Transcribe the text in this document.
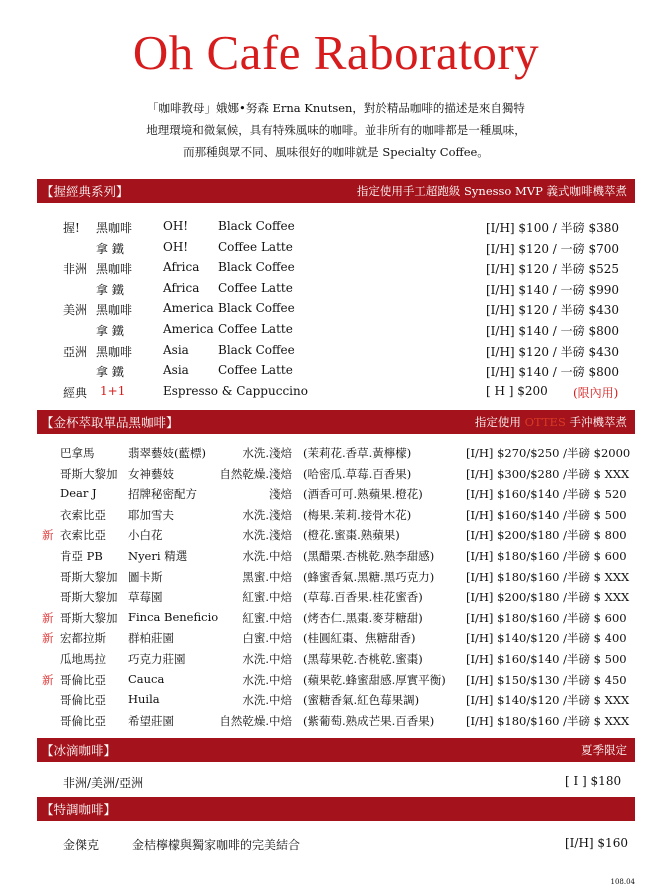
Oh Cafe Raboratory
「咖啡教母」娥娜•努森 Erna Knutsen，對於精品咖啡的描述是來自獨特
地理環境和微氣候，具有特殊風味的咖啡。並非所有的咖啡都是一種風味，
而那種與眾不同、風味很好的咖啡就是 Specialty Coffee。
【握經典系列】	指定使用手工超跑級 Synesso MVP 義式咖啡機萃煮
握! 黑咖啡	OH! Black Coffee	[I/H] $100 / 半磅 $380
拿 鐵	OH! Coffee Latte	[I/H] $120 / 一磅 $700
非洲 黑咖啡	Africa Black Coffee	[I/H] $120 / 半磅 $525
拿 鐵	Africa Coffee Latte	[I/H] $140 / 一磅 $990
美洲 黑咖啡	America Black Coffee	[I/H] $120 / 半磅 $430
拿 鐵	America Coffee Latte	[I/H] $140 / 一磅 $800
亞洲 黑咖啡	Asia Black Coffee	[I/H] $120 / 半磅 $430
拿 鐵	Asia Coffee Latte	[I/H] $140 / 一磅 $800
經典 1+1	Espresso & Cappuccino	[ H ] $200 (限內用)
【金杯萃取單品黑咖啡】	指定使用 OTTES 手沖機萃煮
巴拿馬	翡翠藝妓(藍標)	水洗.淺焙 (茉莉花.香草.黃檸檬)	[I/H] $270/$250 /半磅 $2000
哥斯大黎加 女神藝妓	自然乾燥.淺焙 (哈密瓜.草莓.百香果)	[I/H] $300/$280 /半磅 $ XXX
Dear J	招牌秘密配方	淺焙 (酒香可可.熟蘋果.橙花)	[I/H] $160/$140 /半磅 $ 520
衣索比亞 耶加雪夫	水洗.淺焙 (梅果.茉莉.接骨木花)	[I/H] $160/$140 /半磅 $ 500
新 衣索比亞 小白花	水洗.淺焙 (橙花.蜜棗.熟蘋果)	[I/H] $200/$180 /半磅 $ 800
肯亞 PB Nyeri 精選	水洗.中焙 (黑醋栗.杏桃乾.熟李甜感)	[I/H] $180/$160 /半磅 $ 600
哥斯大黎加 圖卡斯	黑蜜.中焙 (蜂蜜香氣.黑糖.黑巧克力)	[I/H] $180/$160 /半磅 $ XXX
哥斯大黎加 草莓園	紅蜜.中焙 (草莓.百香果.桂花蜜香)	[I/H] $200/$180 /半磅 $ XXX
新 哥斯大黎加 Finca Beneficio 紅蜜.中焙 (烤杏仁.黑棗.麥芽糖甜)	[I/H] $180/$160 /半磅 $ 600
新 宏都拉斯 群柏莊園	白蜜.中焙 (桂圓紅棗、焦糖甜香)	[I/H] $140/$120 /半磅 $ 400
瓜地馬拉 巧克力莊園	水洗.中焙 (黑莓果乾.杏桃乾.蜜棗)	[I/H] $160/$140 /半磅 $ 500
新 哥倫比亞 Cauca	水洗.中焙 (蘋果乾.蜂蜜甜感.厚實平衡) [I/H] $150/$130 /半磅 $ 450
哥倫比亞 Huila	水洗.中焙 (蜜糖香氣.紅色莓果調)	[I/H] $140/$120 /半磅 $ XXX
哥倫比亞 希望莊園	自然乾燥.中焙 (紫葡萄.熟成芒果.百香果)	[I/H] $180/$160 /半磅 $ XXX
【冰滴咖啡】	夏季限定
非洲/美洲/亞洲	[ I ] $180
【特調咖啡】
金傑克	金桔檸檬與獨家咖啡的完美結合	[I/H] $160
108.04
